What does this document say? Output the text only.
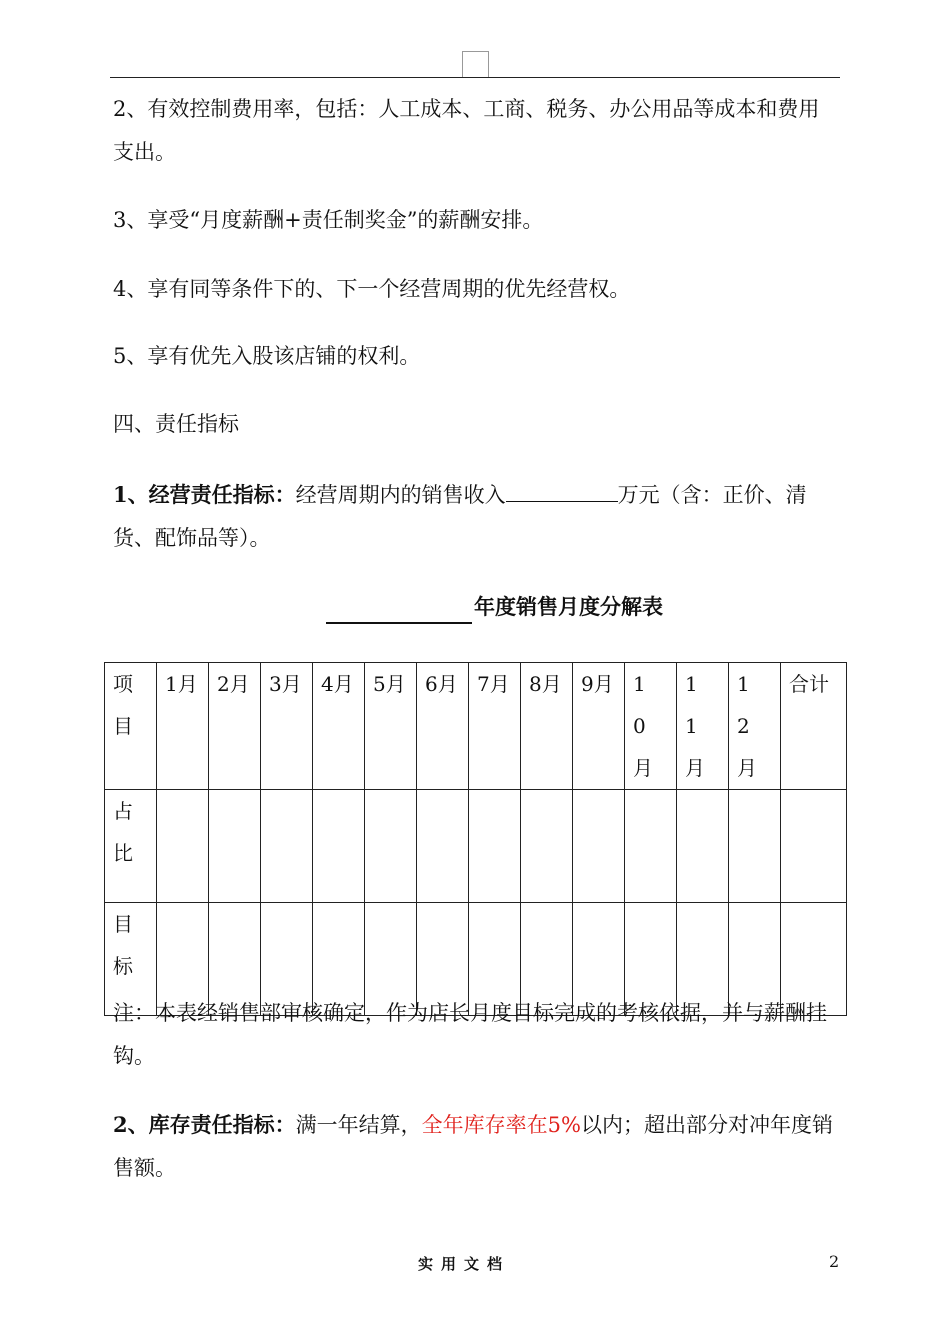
2、有效控制费用率，包括：人工成本、工商、税务、办公用品等成本和费用支出。

3、享受“月度薪酬+责任制奖金”的薪酬安排。

4、享有同等条件下的、下一个经营周期的优先经营权。

5、享有优先入股该店铺的权利。

四、责任指标

1、经营责任指标：经营周期内的销售收入	万元（含：正价、清货、配饰品等）。

年度销售月度分解表
项目	1月	2月	3月	4月	5月	6月	7月	8月	9月	10月	11月	12月	合计

占比													

目标													

注：本表经销售部审核确定，作为店长月度目标完成的考核依据，并与薪酬挂钩。

2、库存责任指标：满一年结算，全年库存率在5%以内；超出部分对冲年度销售额。

实用文档	2
